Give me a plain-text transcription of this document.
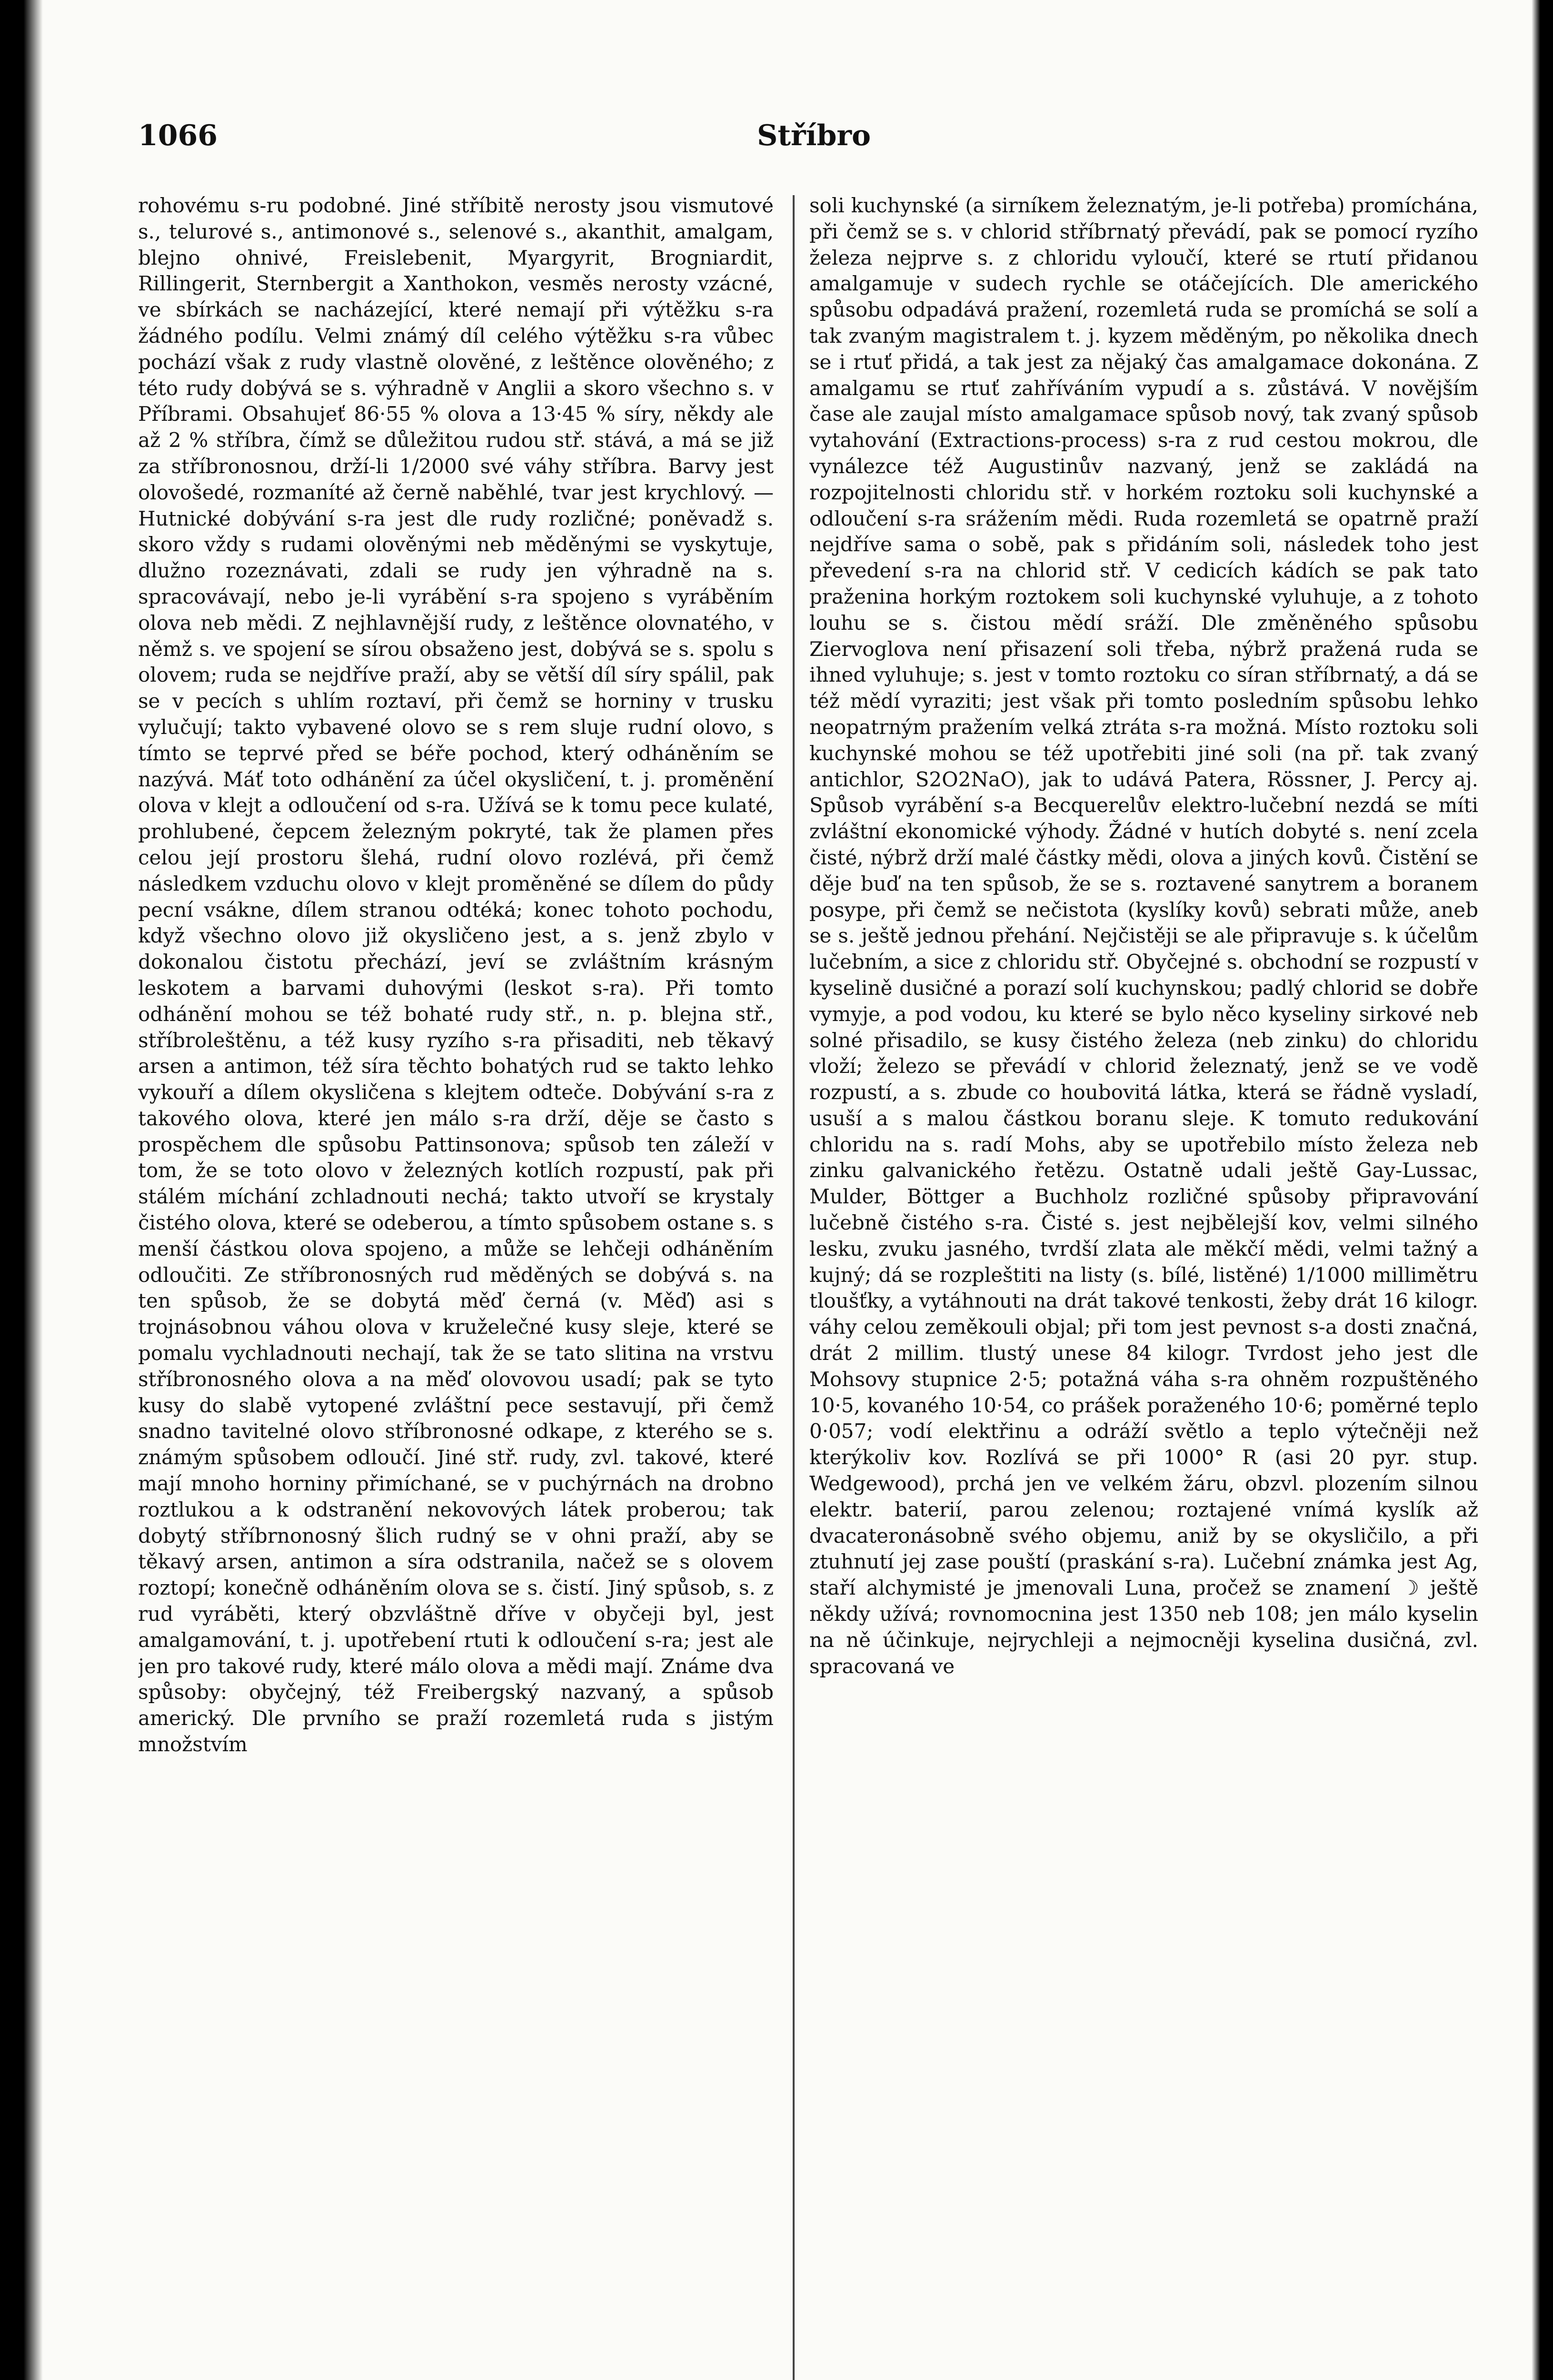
1066	Stříbro

rohovému s-ru podobné. Jiné stříbitě nerosty jsou vismutové s., telurové s., antimonové s., selenové s., akanthit, amalgam, blejno ohnivé, Freislebenit, Myargyrit, Brogniardit, Rillingerit, Sternbergit a Xanthokon, vesměs nerosty vzácné, ve sbírkách se nacházející, které nemají při výtěžku s-ra žádného podílu. Velmi známý díl celého výtěžku s-ra vůbec pochází však z rudy vlastně olověné, z leštěnce olověného; z této rudy dobývá se s. výhradně v Anglii a skoro všechno s. v Příbrami. Obsahujeť 86·55 % olova a 13·45 % síry, někdy ale až 2 % stříbra, čímž se důležitou rudou stř. stává, a má se již za stříbronosnou, drží-li 1/2000 své váhy stříbra. Barvy jest olovošedé, rozmaníté až černě naběhlé, tvar jest krychlový. — Hutnické dobývání s-ra jest dle rudy rozličné; poněvadž s. skoro vždy s rudami olověnými neb měděnými se vyskytuje, dlužno rozeznávati, zdali se rudy jen výhradně na s. spracovávají, nebo je-li vyrábění s-ra spojeno s vyráběním olova neb mědi. Z nejhlavnější rudy, z leštěnce olovnatého, v němž s. ve spojení se sírou obsaženo jest, dobývá se s. spolu s olovem; ruda se nejdříve praží, aby se větší díl síry spálil, pak se v pecích s uhlím roztaví, při čemž se horniny v trusku vylučují; takto vybavené olovo se s rem sluje rudní olovo, s tímto se teprvé před se béře pochod, který odháněním se nazývá. Máť toto odhánění za účel okysličení, t. j. proměnění olova v klejt a odloučení od s-ra. Užívá se k tomu pece kulaté, prohlubené, čepcem železným pokryté, tak že plamen přes celou její prostoru šlehá, rudní olovo rozlévá, při čemž následkem vzduchu olovo v klejt proměněné se dílem do půdy pecní vsákne, dílem stranou odtéká; konec tohoto pochodu, když všechno olovo již okysličeno jest, a s. jenž zbylo v dokonalou čistotu přechází, jeví se zvláštním krásným leskotem a barvami duhovými (leskot s-ra). Při tomto odhánění mohou se též bohaté rudy stř., n. p. blejna stř., stříbroleštěnu, a též kusy ryzího s-ra přisaditi, neb těkavý arsen a antimon, též síra těchto bohatých rud se takto lehko vykouří a dílem okysličena s klejtem odteče. Dobývání s-ra z takového olova, které jen málo s-ra drží, děje se často s prospěchem dle spůsobu Pattinsonova; spůsob ten záleží v tom, že se toto olovo v železných kotlích rozpustí, pak při stálém míchání zchladnouti nechá; takto utvoří se krystaly čistého olova, které se odeberou, a tímto spůsobem ostane s. s menší částkou olova spojeno, a může se lehčeji odháněním odloučiti. Ze stříbronosných rud měděných se dobývá s. na ten spůsob, že se dobytá měď černá (v. Měď) asi s trojnásobnou váhou olova v kruželečné kusy sleje, které se pomalu vychladnouti nechají, tak že se tato slitina na vrstvu stříbronosného olova a na měď olovovou usadí; pak se tyto kusy do slabě vytopené zvláštní pece sestavují, při čemž snadno tavitelné olovo stříbronosné odkape, z kterého se s. známým spůsobem odloučí. Jiné stř. rudy, zvl. takové, které mají mnoho horniny přimíchané, se v puchýrnách na drobno roztlukou a k odstranění nekovových látek proberou; tak dobytý stříbrnonosný šlich rudný se v ohni praží, aby se těkavý arsen, antimon a síra odstranila, načež se s olovem roztopí; konečně odháněním olova se s. čistí. Jiný spůsob, s. z rud vyráběti, který obzvláštně dříve v obyčeji byl, jest amalgamování, t. j. upotřebení rtuti k odloučení s-ra; jest ale jen pro takové rudy, které málo olova a mědi mají. Známe dva spůsoby: obyčejný, též Freibergský nazvaný, a spůsob americký. Dle prvního se praží rozemletá ruda s jistým množstvím

soli kuchynské (a sirníkem železnatým, je-li potřeba) promíchána, při čemž se s. v chlorid stříbrnatý převádí, pak se pomocí ryzího železa nejprve s. z chloridu vyloučí, které se rtutí přidanou amalgamuje v sudech rychle se otáčejících. Dle amerického spůsobu odpadává pražení, rozemletá ruda se promíchá se solí a tak zvaným magistralem t. j. kyzem měděným, po několika dnech se i rtuť přidá, a tak jest za nějaký čas amalgamace dokonána. Z amalgamu se rtuť zahříváním vypudí a s. zůstává. V novějším čase ale zaujal místo amalgamace spůsob nový, tak zvaný spůsob vytahování (Extractions-process) s-ra z rud cestou mokrou, dle vynálezce též Augustinův nazvaný, jenž se zakládá na rozpojitelnosti chloridu stř. v horkém roztoku soli kuchynské a odloučení s-ra srážením mědi. Ruda rozemletá se opatrně praží nejdříve sama o sobě, pak s přidáním soli, následek toho jest převedení s-ra na chlorid stř. V cedicích kádích se pak tato praženina horkým roztokem soli kuchynské vyluhuje, a z tohoto louhu se s. čistou mědí sráží. Dle změněného spůsobu Ziervoglova není přisazení soli třeba, nýbrž pražená ruda se ihned vyluhuje; s. jest v tomto roztoku co síran stříbrnatý, a dá se též mědí vyraziti; jest však při tomto posledním spůsobu lehko neopatrným pražením velká ztráta s-ra možná. Místo roztoku soli kuchynské mohou se též upotřebiti jiné soli (na př. tak zvaný antichlor, S2O2NaO), jak to udává Patera, Rössner, J. Percy aj. Spůsob vyrábění s-a Becquerelův elektro-lučební nezdá se míti zvláštní ekonomické výhody. Žádné v hutích dobyté s. není zcela čisté, nýbrž drží malé částky mědi, olova a jiných kovů. Čistění se děje buď na ten spůsob, že se s. roztavené sanytrem a boranem posype, při čemž se nečistota (kyslíky kovů) sebrati může, aneb se s. ještě jednou přehání. Nejčistěji se ale připravuje s. k účelům lučebním, a sice z chloridu stř. Obyčejné s. obchodní se rozpustí v kyselině dusičné a porazí solí kuchynskou; padlý chlorid se dobře vymyje, a pod vodou, ku které se bylo něco kyseliny sirkové neb solné přisadilo, se kusy čistého železa (neb zinku) do chloridu vloží; železo se převádí v chlorid železnatý, jenž se ve vodě rozpustí, a s. zbude co houbovitá látka, která se řádně vysladí, usuší a s malou částkou boranu sleje. K tomuto redukování chloridu na s. radí Mohs, aby se upotřebilo místo železa neb zinku galvanického řetězu. Ostatně udali ještě Gay-Lussac, Mulder, Böttger a Buchholz rozličné spůsoby připravování lučebně čistého s-ra. Čisté s. jest nejbělejší kov, velmi silného lesku, zvuku jasného, tvrdší zlata ale měkčí mědi, velmi tažný a kujný; dá se rozpleštiti na listy (s. bílé, listěné) 1/1000 millimětru tloušťky, a vytáhnouti na drát takové tenkosti, žeby drát 16 kilogr. váhy celou zeměkouli objal; při tom jest pevnost s-a dosti značná, drát 2 millim. tlustý unese 84 kilogr. Tvrdost jeho jest dle Mohsovy stupnice 2·5; potažná váha s-ra ohněm rozpuštěného 10·5, kovaného 10·54, co prášek poraženého 10·6; poměrné teplo 0·057; vodí elektřinu a odráží světlo a teplo výtečněji než kterýkoliv kov. Rozlívá se při 1000° R (asi 20 pyr. stup. Wedgewood), prchá jen ve velkém žáru, obzvl. plozením silnou elektr. baterií, parou zelenou; roztajené vnímá kyslík až dvacateronásobně svého objemu, aniž by se okysličilo, a při ztuhnutí jej zase pouští (praskání s-ra). Lučební známka jest Ag, staří alchymisté je jmenovali Luna, pročež se znamení ☽ ještě někdy užívá; rovnomocnina jest 1350 neb 108; jen málo kyselin na ně účinkuje, nejrychleji a nejmocněji kyselina dusičná, zvl. spracovaná ve
